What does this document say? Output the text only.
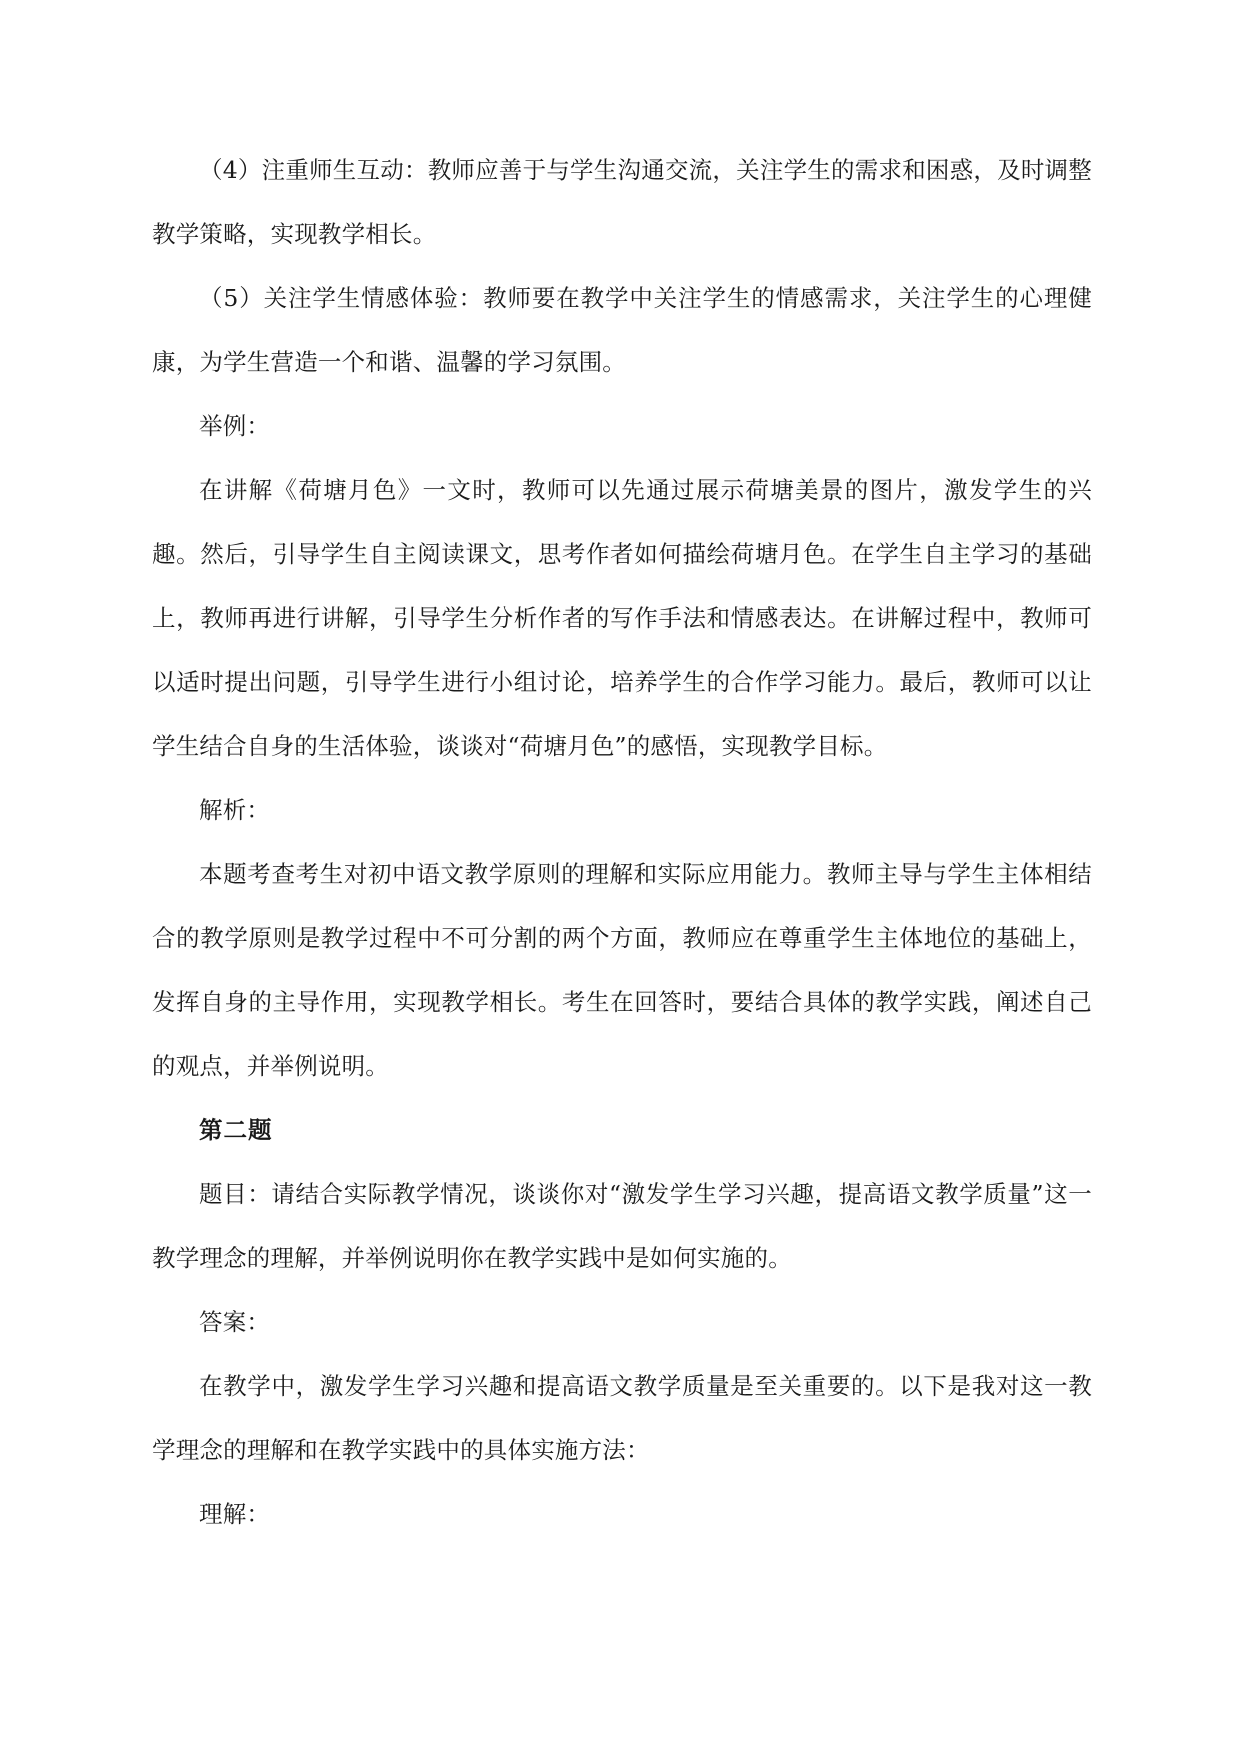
（4）注重师生互动：教师应善于与学生沟通交流，关注学生的需求和困惑，及时调整教学策略，实现教学相长。

（5）关注学生情感体验：教师要在教学中关注学生的情感需求，关注学生的心理健康，为学生营造一个和谐、温馨的学习氛围。

举例：

在讲解《荷塘月色》一文时，教师可以先通过展示荷塘美景的图片，激发学生的兴趣。然后，引导学生自主阅读课文，思考作者如何描绘荷塘月色。在学生自主学习的基础上，教师再进行讲解，引导学生分析作者的写作手法和情感表达。在讲解过程中，教师可以适时提出问题，引导学生进行小组讨论，培养学生的合作学习能力。最后，教师可以让学生结合自身的生活体验，谈谈对“荷塘月色”的感悟，实现教学目标。

解析：

本题考查考生对初中语文教学原则的理解和实际应用能力。教师主导与学生主体相结合的教学原则是教学过程中不可分割的两个方面，教师应在尊重学生主体地位的基础上，发挥自身的主导作用，实现教学相长。考生在回答时，要结合具体的教学实践，阐述自己的观点，并举例说明。

第二题

题目：请结合实际教学情况，谈谈你对“激发学生学习兴趣，提高语文教学质量”这一教学理念的理解，并举例说明你在教学实践中是如何实施的。

答案：

在教学中，激发学生学习兴趣和提高语文教学质量是至关重要的。以下是我对这一教学理念的理解和在教学实践中的具体实施方法：

理解：
